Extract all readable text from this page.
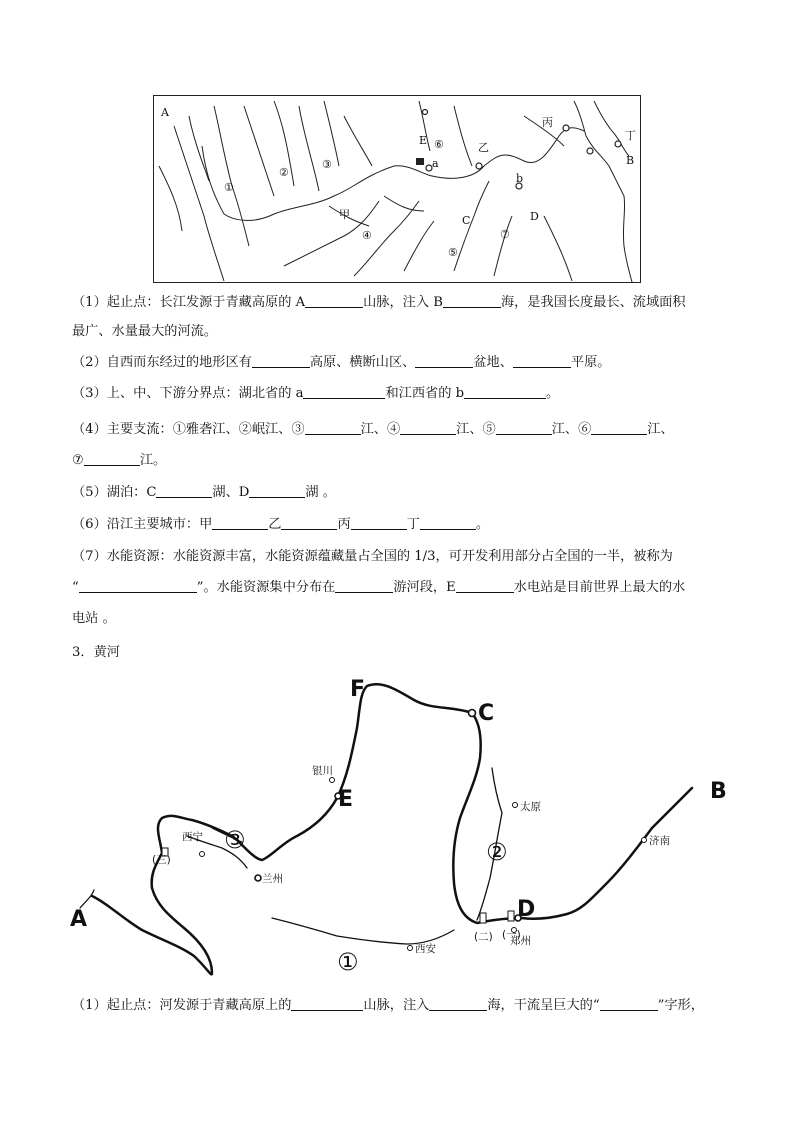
A
E ⑥	乙
丙
丁
B
①
②
③	a
b
甲
④
C	D
⑤
⑦
（1）起止点：长江发源于青藏高原的 A	山脉，注入 B	海，是我国长度最长、流域面积
最广、水量最大的河流。
（2）自西而东经过的地形区有	高原、横断山区、	盆地、	平原。
（3）上、中、下游分界点：湖北省的 a	和江西省的 b	。
（4）主要支流：①雅砻江、②岷江、③	江、④	江、⑤	江、⑥	江、
⑦	江。
（5）湖泊：C	湖、D	湖 。
（6）沿江主要城市：甲	乙	丙	丁	。
（7）水能资源：水能资源丰富，水能资源蕴藏量占全国的 1/3，可开发利用部分占全国的一半，被称为
“	”。水能资源集中分布在	游河段，E	水电站是目前世界上最大的水
电站 。
3．黄河
F
C
E	B
A	D
①
②
③
银川
太原
西宁
兰州
西安
济南
郑州
(三)
(二) (一)
（1）起止点：河发源于青藏高原上的	山脉，注入	海，干流呈巨大的“	”字形，
